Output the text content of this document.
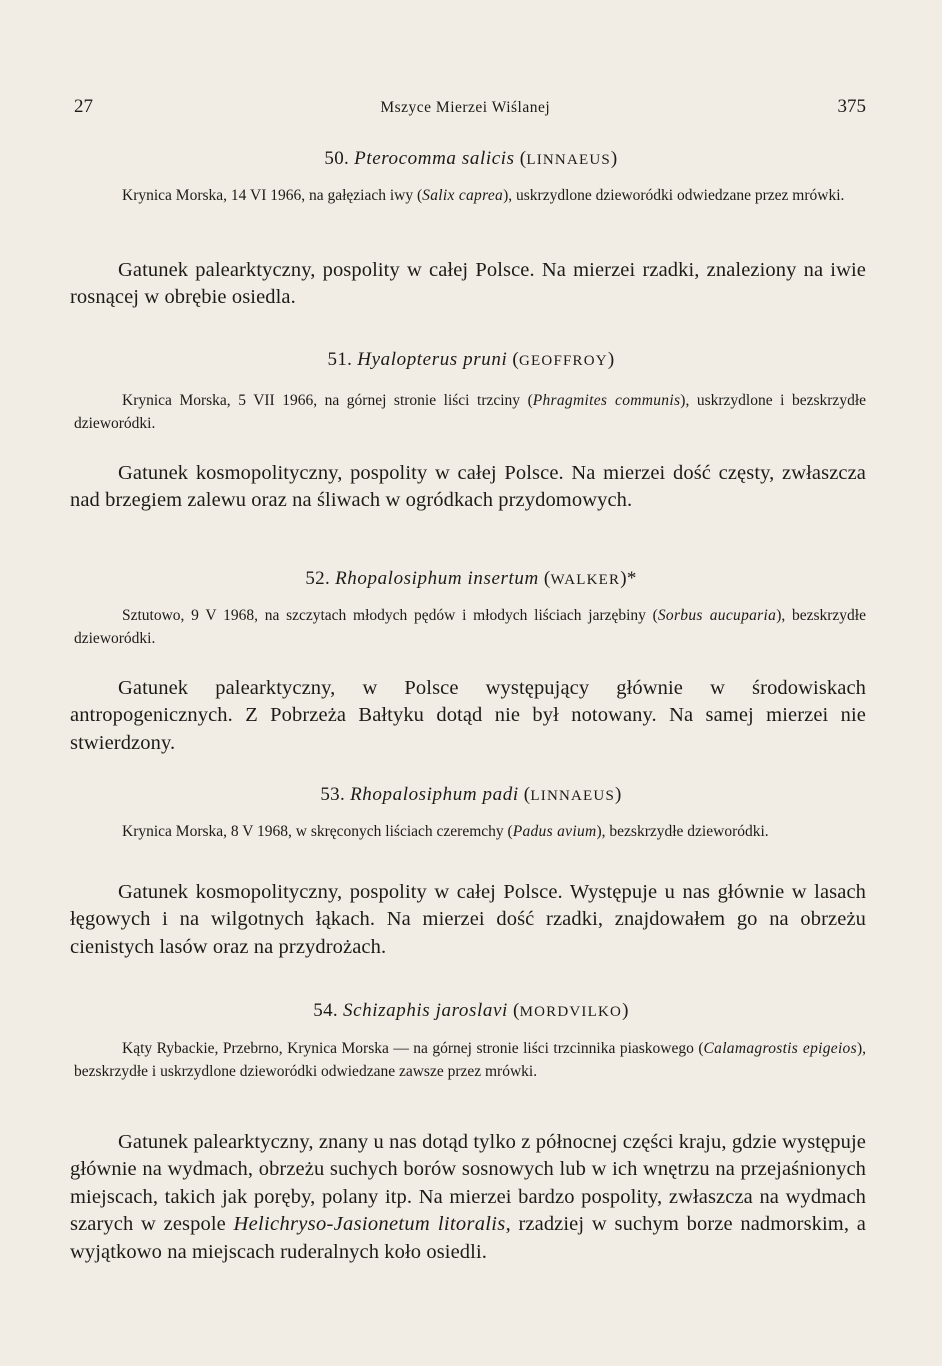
27	Mszyce Mierzei Wiślanej	375
50. Pterocomma salicis (LINNAEUS)

Krynica Morska, 14 VI 1966, na gałęziach iwy (Salix caprea), uskrzydlone dzieworódki odwiedzane przez mrówki.

Gatunek palearktyczny, pospolity w całej Polsce. Na mierzei rzadki, znaleziony na iwie rosnącej w obrębie osiedla.

51. Hyalopterus pruni (GEOFFROY)

Krynica Morska, 5 VII 1966, na górnej stronie liści trzciny (Phragmites communis), uskrzydlone i bezskrzydłe dzieworódki.

Gatunek kosmopolityczny, pospolity w całej Polsce. Na mierzei dość częsty, zwłaszcza nad brzegiem zalewu oraz na śliwach w ogródkach przydomowych.

52. Rhopalosiphum insertum (WALKER)*

Sztutowo, 9 V 1968, na szczytach młodych pędów i młodych liściach jarzębiny (Sorbus aucuparia), bezskrzydłe dzieworódki.

Gatunek palearktyczny, w Polsce występujący głównie w środowiskach antropogenicznych. Z Pobrzeża Bałtyku dotąd nie był notowany. Na samej mierzei nie stwierdzony.

53. Rhopalosiphum padi (LINNAEUS)

Krynica Morska, 8 V 1968, w skręconych liściach czeremchy (Padus avium), bezskrzydłe dzieworódki.

Gatunek kosmopolityczny, pospolity w całej Polsce. Występuje u nas głównie w lasach łęgowych i na wilgotnych łąkach. Na mierzei dość rzadki, znajdowałem go na obrzeżu cienistych lasów oraz na przydrożach.

54. Schizaphis jaroslavi (MORDVILKO)

Kąty Rybackie, Przebrno, Krynica Morska — na górnej stronie liści trzcinnika piaskowego (Calamagrostis epigeios), bezskrzydłe i uskrzydlone dzieworódki odwiedzane zawsze przez mrówki.

Gatunek palearktyczny, znany u nas dotąd tylko z północnej części kraju, gdzie występuje głównie na wydmach, obrzeżu suchych borów sosnowych lub w ich wnętrzu na przejaśnionych miejscach, takich jak poręby, polany itp. Na mierzei bardzo pospolity, zwłaszcza na wydmach szarych w zespole Helichryso-Jasionetum litoralis, rzadziej w suchym borze nadmorskim, a wyjątkowo na miejscach ruderalnych koło osiedli.
